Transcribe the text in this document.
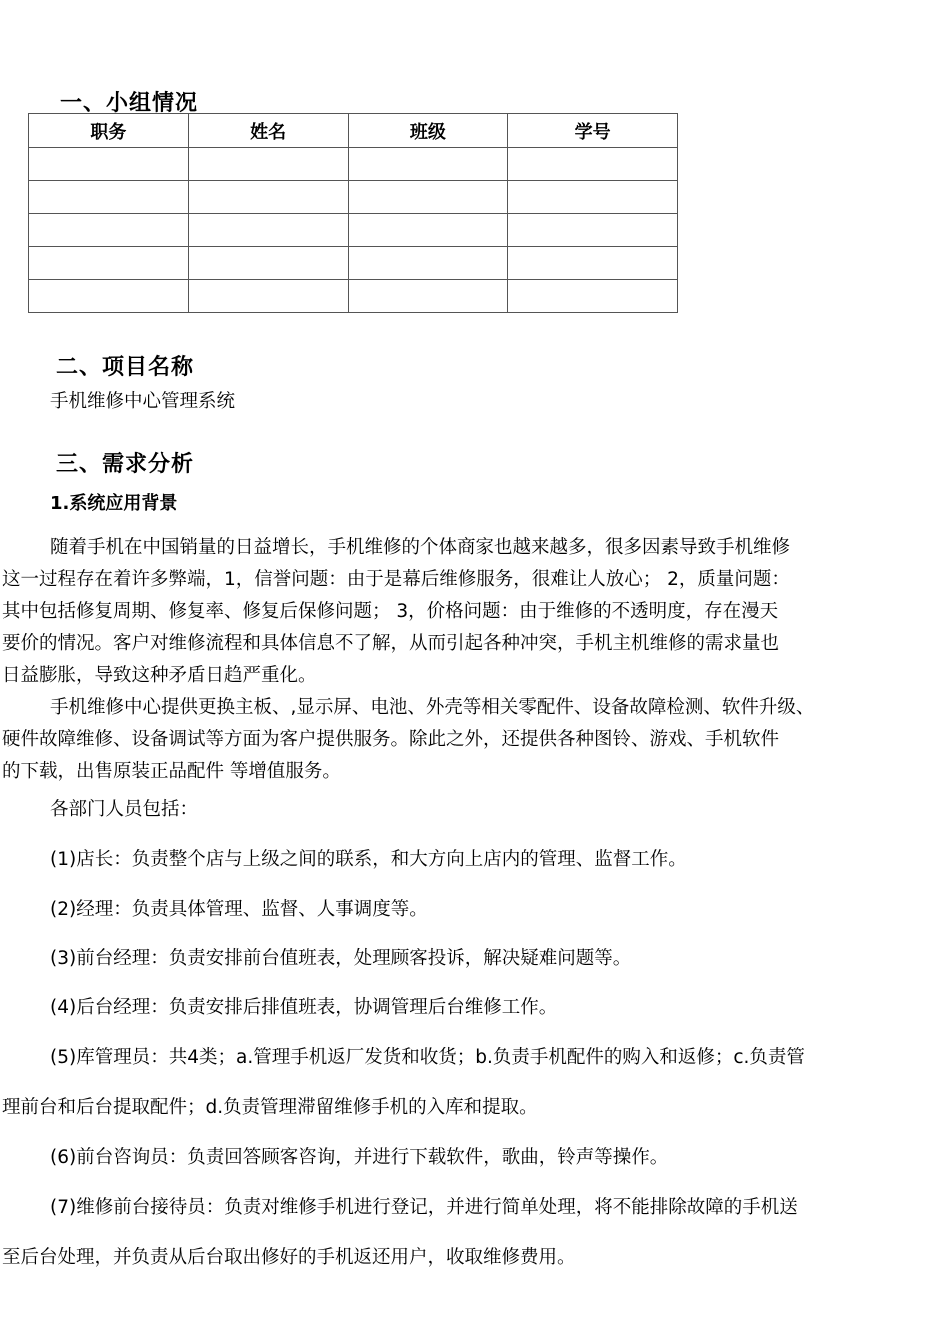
一、小组情况
职务	姓名	班级	学号

二、项目名称

手机维修中心管理系统

三、需求分析
1.系统应用背景

随着手机在中国销量的日益增长，手机维修的个体商家也越来越多，很多因素导致手机维修

这一过程存在着许多弊端，1，信誉问题：由于是幕后维修服务，很难让人放心； 2，质量问题：

其中包括修复周期、修复率、修复后保修问题； 3，价格问题：由于维修的不透明度，存在漫天

要价的情况。客户对维修流程和具体信息不了解，从而引起各种冲突，手机主机维修的需求量也

日益膨胀，导致这种矛盾日趋严重化。

手机维修中心提供更换主板、,显示屏、电池、外壳等相关零配件、设备故障检测、软件升级、

硬件故障维修、设备调试等方面为客户提供服务。除此之外，还提供各种图铃、游戏、手机软件

的下载，出售原装正品配件 等增值服务。

各部门人员包括：

(1)店长：负责整个店与上级之间的联系，和大方向上店内的管理、监督工作。

(2)经理：负责具体管理、监督、人事调度等。

(3)前台经理：负责安排前台值班表，处理顾客投诉，解决疑难问题等。

(4)后台经理：负责安排后排值班表，协调管理后台维修工作。

(5)库管理员：共4类；a.管理手机返厂发货和收货；b.负责手机配件的购入和返修；c.负责管

理前台和后台提取配件；d.负责管理滞留维修手机的入库和提取。

(6)前台咨询员：负责回答顾客咨询，并进行下载软件，歌曲，铃声等操作。

(7)维修前台接待员：负责对维修手机进行登记，并进行简单处理，将不能排除故障的手机送

至后台处理，并负责从后台取出修好的手机返还用户，收取维修费用。
